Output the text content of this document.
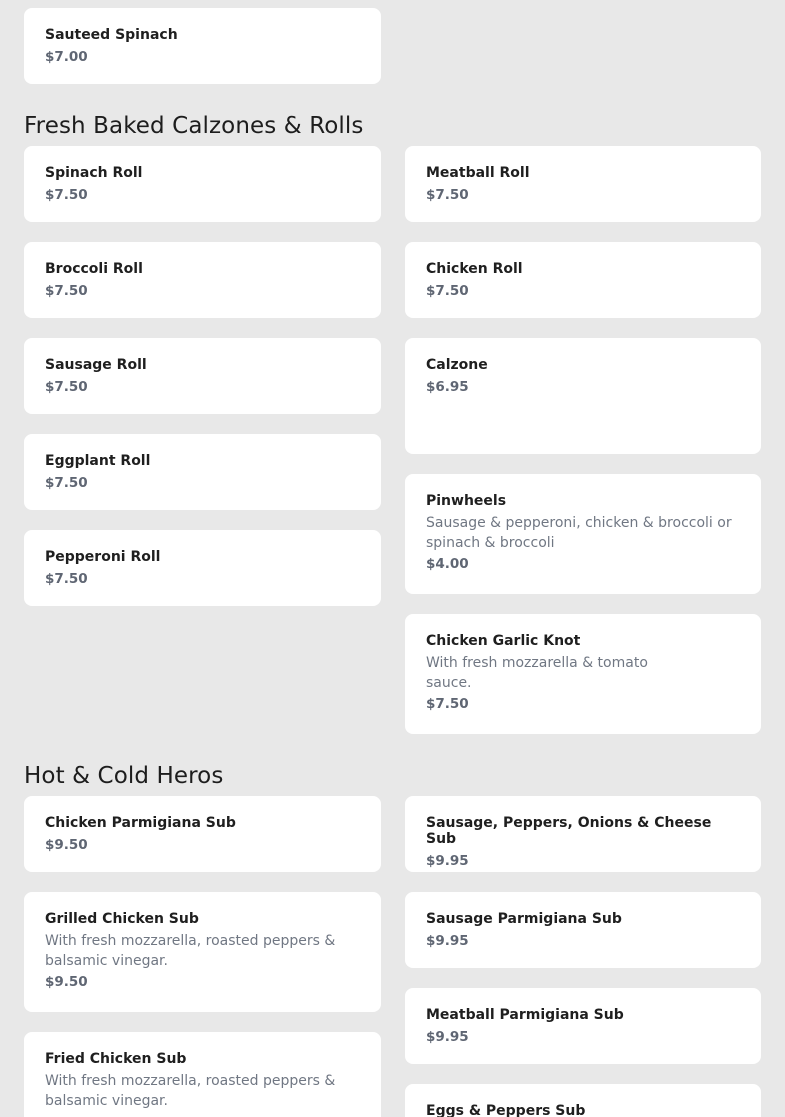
Sauteed Spinach
$7.00
Fresh Baked Calzones & Rolls
Spinach Roll
$7.50
Broccoli Roll
$7.50
Sausage Roll
$7.50
Eggplant Roll
$7.50
Pepperoni Roll
$7.50
Meatball Roll
$7.50
Chicken Roll
$7.50
Calzone
$6.95
Pinwheels
Sausage & pepperoni, chicken & broccoli or
spinach & broccoli
$4.00
Chicken Garlic Knot
With fresh mozzarella & tomato
sauce.
$7.50
Hot & Cold Heros
Chicken Parmigiana Sub
$9.50
Grilled Chicken Sub
With fresh mozzarella, roasted peppers &
balsamic vinegar.
$9.50
Fried Chicken Sub
With fresh mozzarella, roasted peppers &
balsamic vinegar.
Sausage, Peppers, Onions & Cheese Sub
$9.95
Sausage Parmigiana Sub
$9.95
Meatball Parmigiana Sub
$9.95
Eggs & Peppers Sub
